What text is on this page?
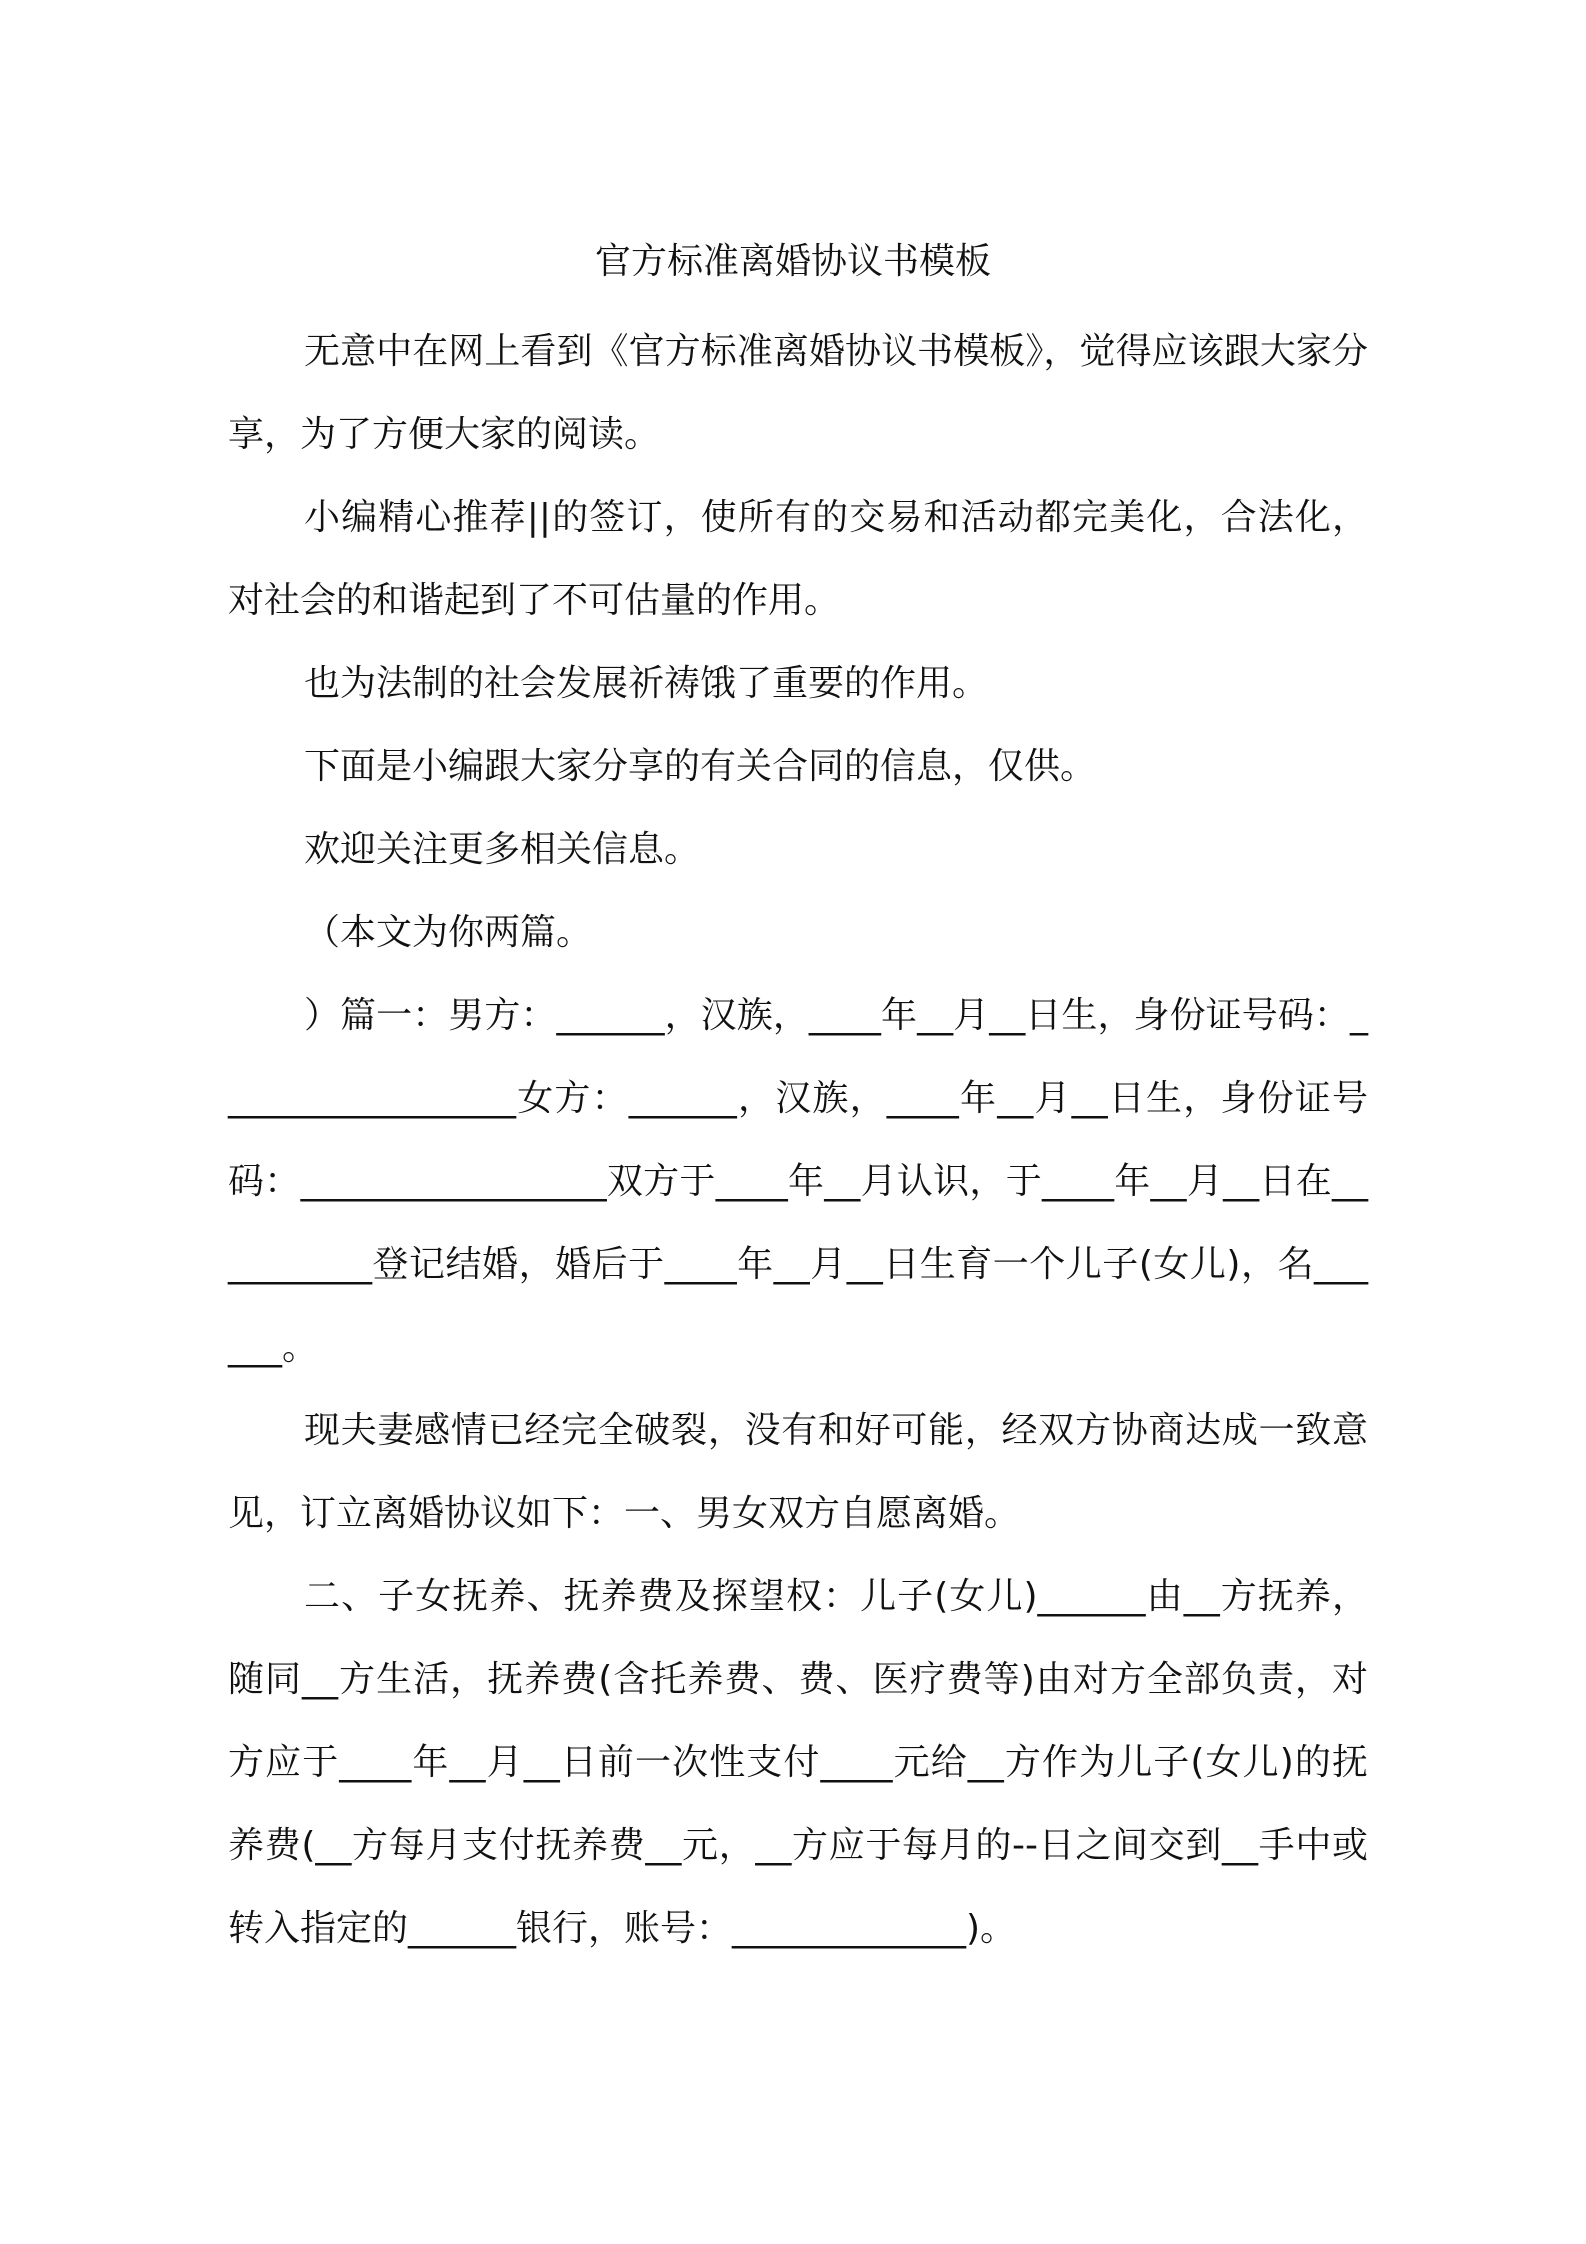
官方标准离婚协议书模板

无意中在网上看到《官方标准离婚协议书模板》，觉得应该跟大家分享，为了方便大家的阅读。

小编精心推荐||的签订，使所有的交易和活动都完美化，合法化，对社会的和谐起到了不可估量的作用。

也为法制的社会发展祈祷饿了重要的作用。

下面是小编跟大家分享的有关合同的信息，仅供。

欢迎关注更多相关信息。

（本文为你两篇。

）篇一：男方：______，汉族，____年__月__日生，身份证号码：_________________女方：______，汉族，____年__月__日生，身份证号码：_________________双方于____年__月认识，于____年__月__日在__________登记结婚，婚后于____年__月__日生育一个儿子(女儿)，名______。

现夫妻感情已经完全破裂，没有和好可能，经双方协商达成一致意见，订立离婚协议如下：一、男女双方自愿离婚。

二、子女抚养、抚养费及探望权：儿子(女儿)______由__方抚养，随同__方生活，抚养费(含托养费、费、医疗费等)由对方全部负责，对方应于____年__月__日前一次性支付____元给__方作为儿子(女儿)的抚养费(__方每月支付抚养费__元，__方应于每月的--日之间交到__手中或转入指定的______银行，账号：_____________)。
